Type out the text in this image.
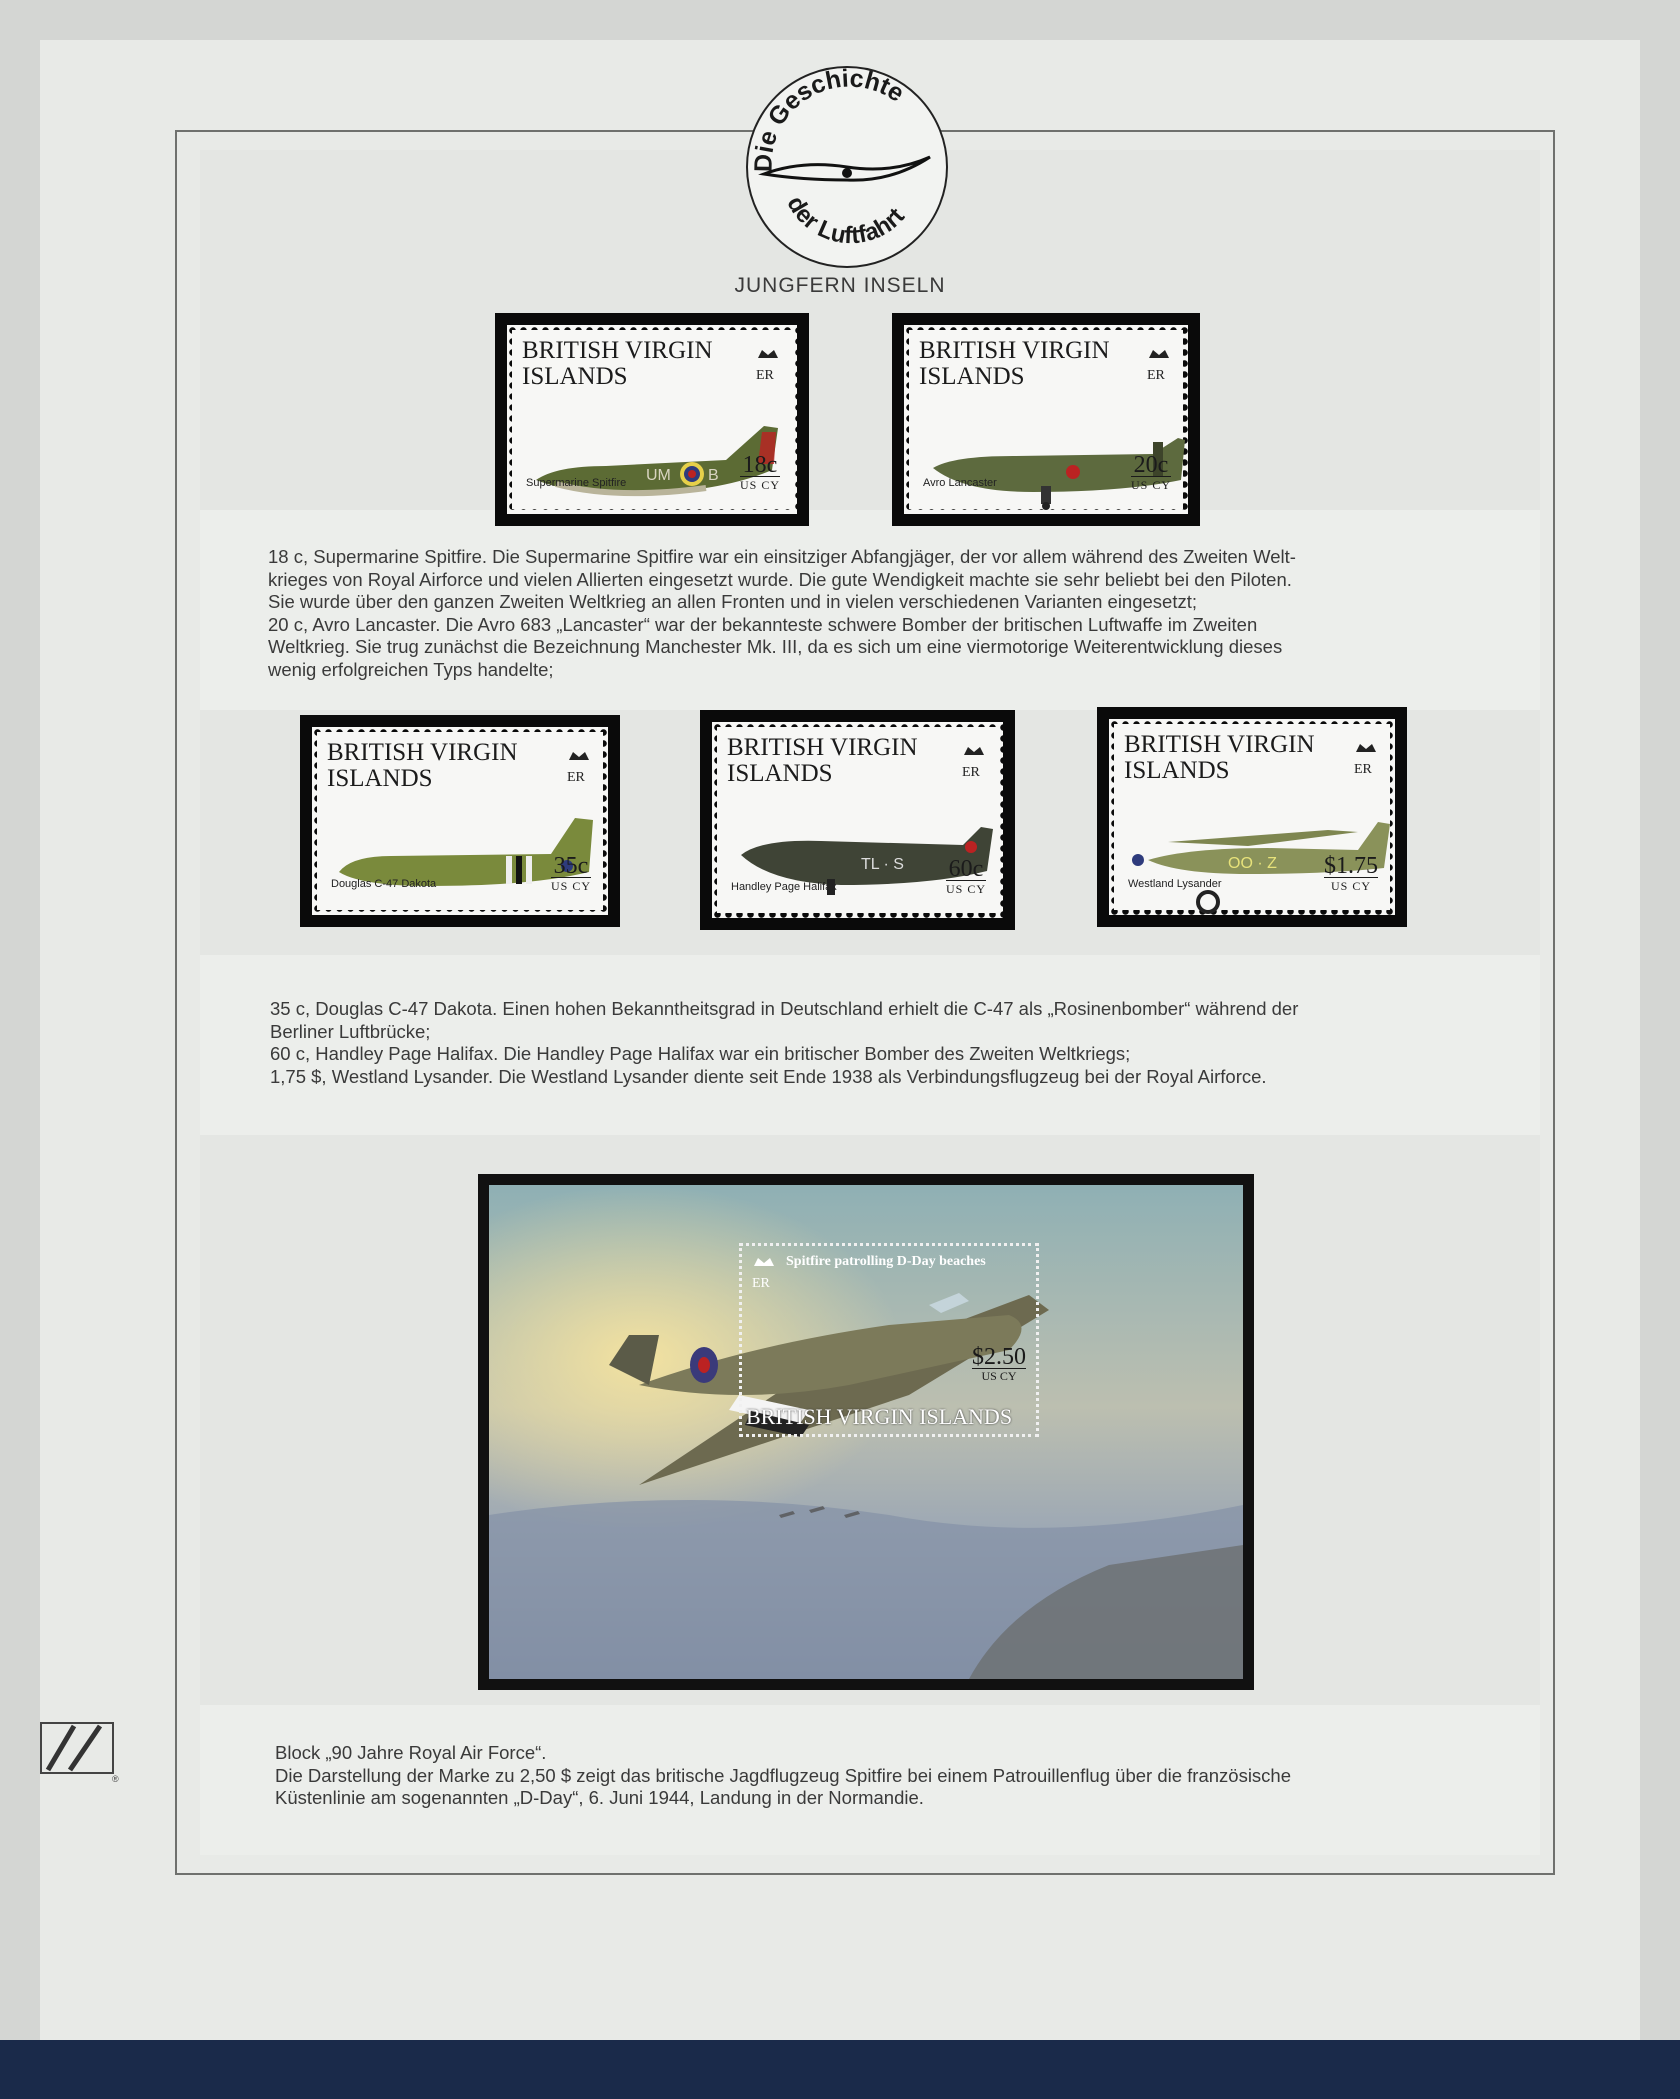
Die Geschichte
der Luftfahrt
JUNGFERN INSELN
BRITISH VIRGIN
ISLANDS	ER
UM B
Supermarine Spitfire
18c
US CY
BRITISH VIRGIN
ISLANDS	ER
Avro Lancaster
20c
US CY

18 c, Supermarine Spitfire. Die Supermarine Spitfire war ein einsitziger Abfangjäger, der vor allem während des Zweiten Welt-

krieges von Royal Airforce und vielen Allierten eingesetzt wurde. Die gute Wendigkeit machte sie sehr beliebt bei den Piloten.

Sie wurde über den ganzen Zweiten Weltkrieg an allen Fronten und in vielen verschiedenen Varianten eingesetzt;

20 c, Avro Lancaster. Die Avro 683 „Lancaster“ war der bekannteste schwere Bomber der britischen Luftwaffe im Zweiten

Weltkrieg. Sie trug zunächst die Bezeichnung Manchester Mk. III, da es sich um eine viermotorige Weiterentwicklung dieses

wenig erfolgreichen Typs handelte;

BRITISH VIRGIN
ISLANDS	ER
Douglas C-47 Dakota
35c
US CY
BRITISH VIRGIN
ISLANDS	ER
TL · S
Handley Page Halifax
60c
US CY
BRITISH VIRGIN
ISLANDS	ER
OO · Z
Westland Lysander
$1.75
US CY

35 c, Douglas C-47 Dakota. Einen hohen Bekanntheitsgrad in Deutschland erhielt die C-47 als „Rosinenbomber“ während der

Berliner Luftbrücke;

60 c, Handley Page Halifax. Die Handley Page Halifax war ein britischer Bomber des Zweiten Weltkriegs;

1,75 $, Westland Lysander. Die Westland Lysander diente seit Ende 1938 als Verbindungsflugzeug bei der Royal Airforce.

ER
Spitfire patrolling D-Day beaches
$2.50
US CY
BRITISH VIRGIN ISLANDS

Block „90 Jahre Royal Air Force“.

Die Darstellung der Marke zu 2,50 $ zeigt das britische Jagdflugzeug Spitfire bei einem Patrouillenflug über die französische

Küstenlinie am sogenannten „D-Day“, 6. Juni 1944, Landung in der Normandie.

®
